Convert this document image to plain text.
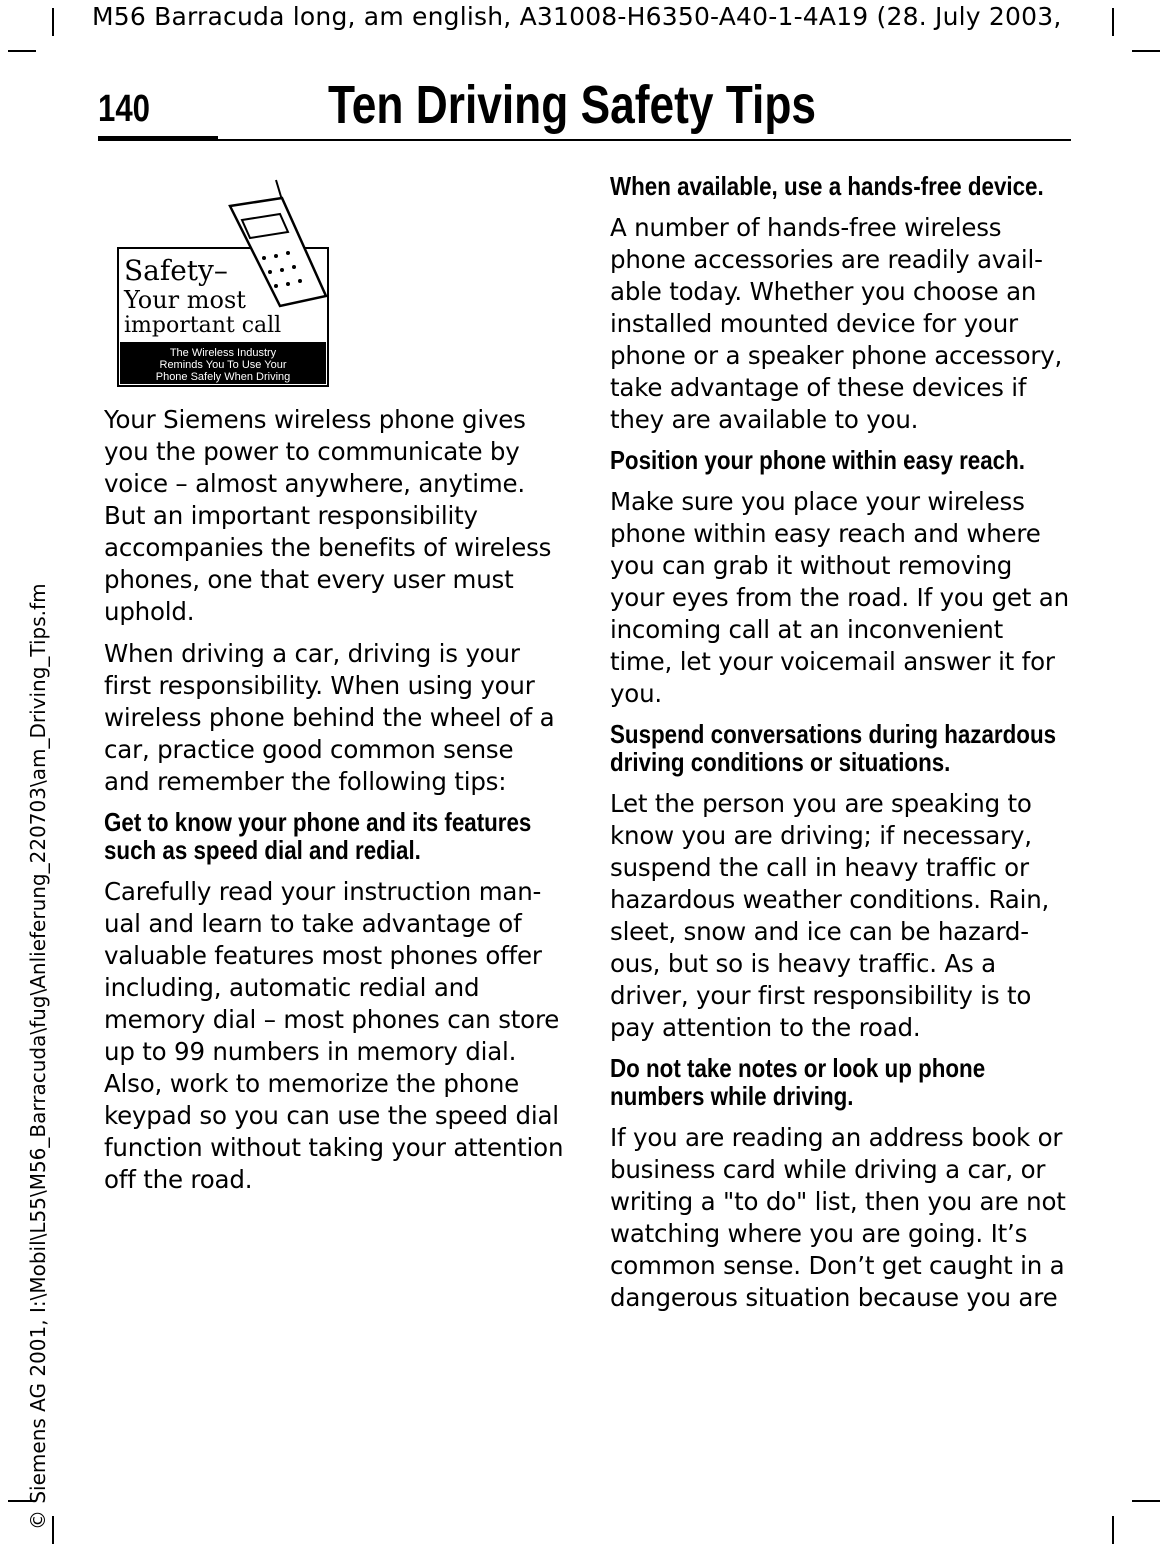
M56 Barracuda long, am english, A31008-H6350-A40-1-4A19 (28. July 2003,
© Siemens AG 2001, I:\Mobil\L55\M56_Barracuda\fug\Anlieferung_220703\am_Driving_Tips.fm
140	Ten Driving Safety Tips
Safety–
Your most
important call
The Wireless Industry
Reminds You To Use Your
Phone Safely When Driving

Your Siemens wireless phone gives you the power to communicate by voice – almost anywhere, anytime. But an important responsibility accompanies the benefits of wireless phones, one that every user must uphold.

When driving a car, driving is your first responsibility. When using your wireless phone behind the wheel of a car, practice good common sense and remember the following tips:

Get to know your phone and its features such as speed dial and redial.

Carefully read your instruction man-ual and learn to take advantage of valuable features most phones offer including, automatic redial and memory dial – most phones can store up to 99 numbers in memory dial. Also, work to memorize the phone keypad so you can use the speed dial function without taking your attention off the road.

When available, use a hands-free device.

A number of hands-free wireless phone accessories are readily avail-able today. Whether you choose an installed mounted device for your phone or a speaker phone accessory, take advantage of these devices if they are available to you.

Position your phone within easy reach.

Make sure you place your wireless phone within easy reach and where you can grab it without removing your eyes from the road. If you get an incoming call at an inconvenient time, let your voicemail answer it for you.

Suspend conversations during hazardous driving conditions or situations.

Let the person you are speaking to know you are driving; if necessary, suspend the call in heavy traffic or hazardous weather conditions. Rain, sleet, snow and ice can be hazard-ous, but so is heavy traffic. As a driver, your first responsibility is to pay attention to the road.

Do not take notes or look up phone numbers while driving.

If you are reading an address book or business card while driving a car, or writing a "to do" list, then you are not watching where you are going. It’s common sense. Don’t get caught in a dangerous situation because you are
